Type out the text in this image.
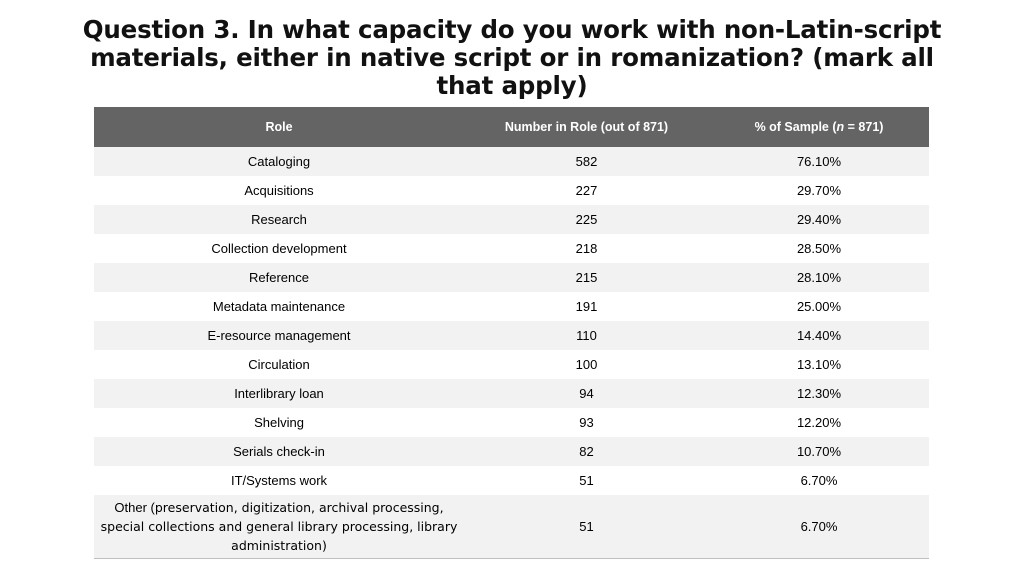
Question 3. In what capacity do you work with non-Latin-script materials, either in native script or in romanization? (mark all that apply)
Role	Number in Role (out of 871)	% of Sample (n = 871)
Cataloging	582	76.10%
Acquisitions	227	29.70%
Research	225	29.40%
Collection development	218	28.50%
Reference	215	28.10%
Metadata maintenance	191	25.00%
E-resource management	110	14.40%
Circulation	100	13.10%
Interlibrary loan	94	12.30%
Shelving	93	12.20%
Serials check-in	82	10.70%
IT/Systems work	51	6.70%
Other (preservation, digitization, archival processing, special collections and general library processing, library administration)	51	6.70%
